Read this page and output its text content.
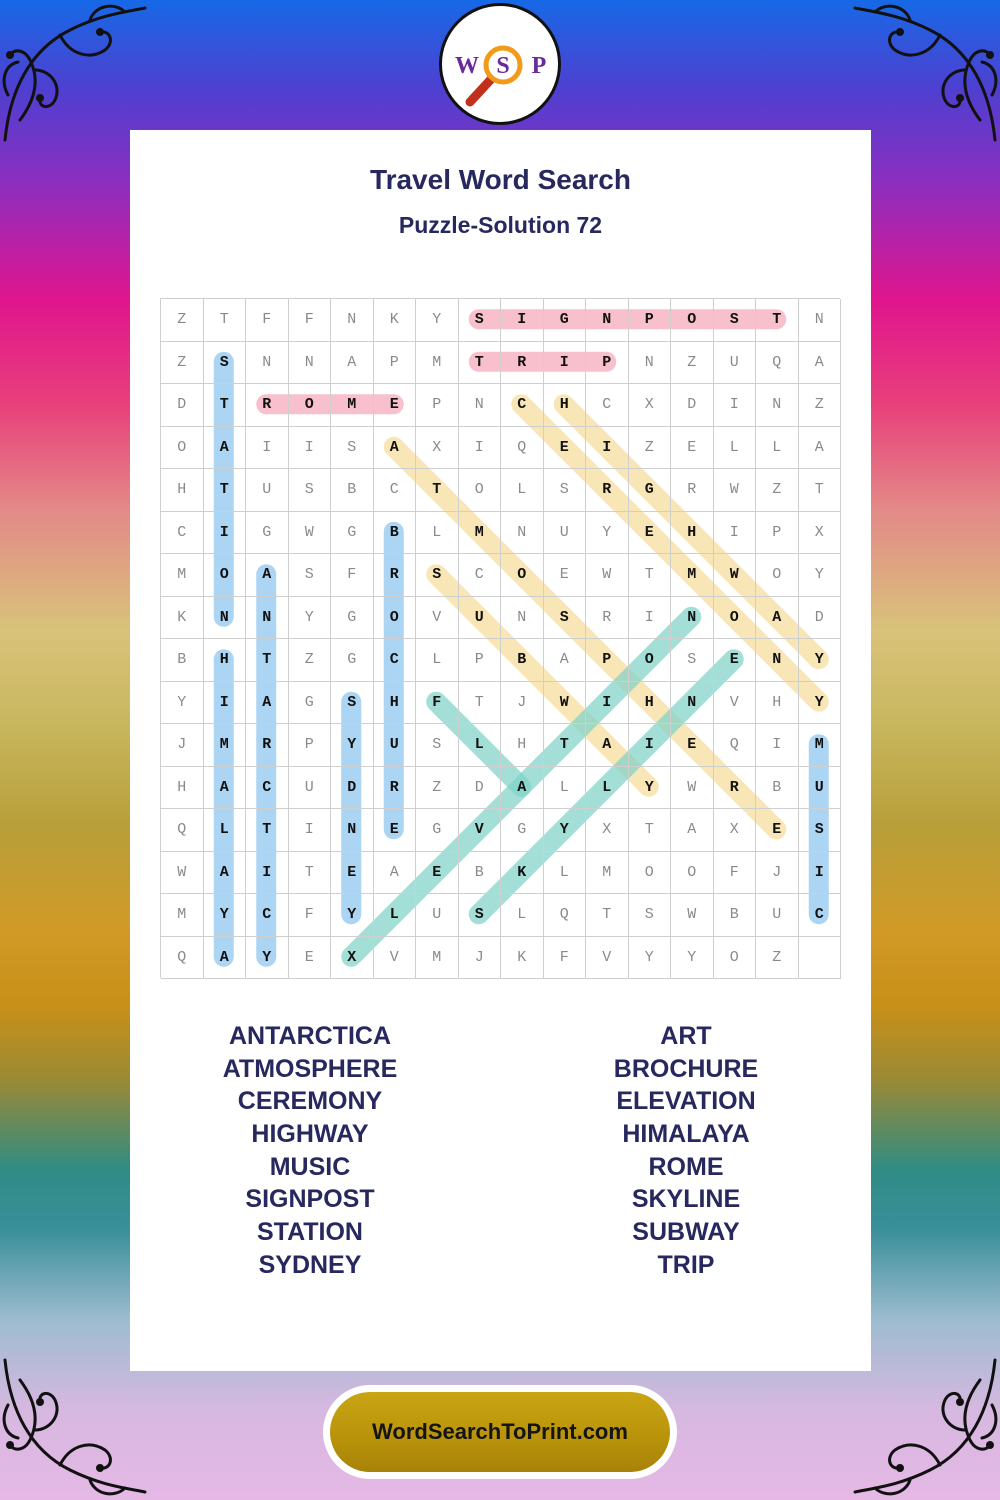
W S P
Travel Word Search
Puzzle-Solution 72
Z	T	F	F	N	K	Y	S	I	G	N	P	O	S	T	N
Z	S	N	N	A	P	M	T	R	I	P	N	Z	U	Q	A
D	T	R	O	M	E	P	N	C	H	C	X	D	I	N	Z
O	A	I	I	S	A	X	I	Q	E	I	Z	E	L	L	A
H	T	U	S	B	C	T	O	L	S	R	G	R	W	Z	T
C	I	G	W	G	B	L	M	N	U	Y	E	H	I	P	X
M	O	A	S	F	R	S	C	O	E	W	T	M	W	O	Y
K	N	N	Y	G	O	V	U	N	S	R	I	N	O	A	D
B	H	T	Z	G	C	L	P	B	A	P	O	S	E	N	Y
Y	I	A	G	S	H	F	T	J	W	I	H	N	V	H	Y
J	M	R	P	Y	U	S	L	H	T	A	I	E	Q	I	M
H	A	C	U	D	R	Z	D	A	L	L	Y	W	R	B	U
Q	L	T	I	N	E	G	V	G	Y	X	T	A	X	E	S
W	A	I	T	E	A	E	B	K	L	M	O	O	F	J	I
M	Y	C	F	Y	L	U	S	L	Q	T	S	W	B	U	C
Q	A	Y	E	X	V	M	J	K	F	V	Y	Y	O	Z
ANTARCTICA
ATMOSPHERE
CEREMONY
HIGHWAY
MUSIC
SIGNPOST
STATION
SYDNEY
ART
BROCHURE
ELEVATION
HIMALAYA
ROME
SKYLINE
SUBWAY
TRIP
WordSearchToPrint.com
